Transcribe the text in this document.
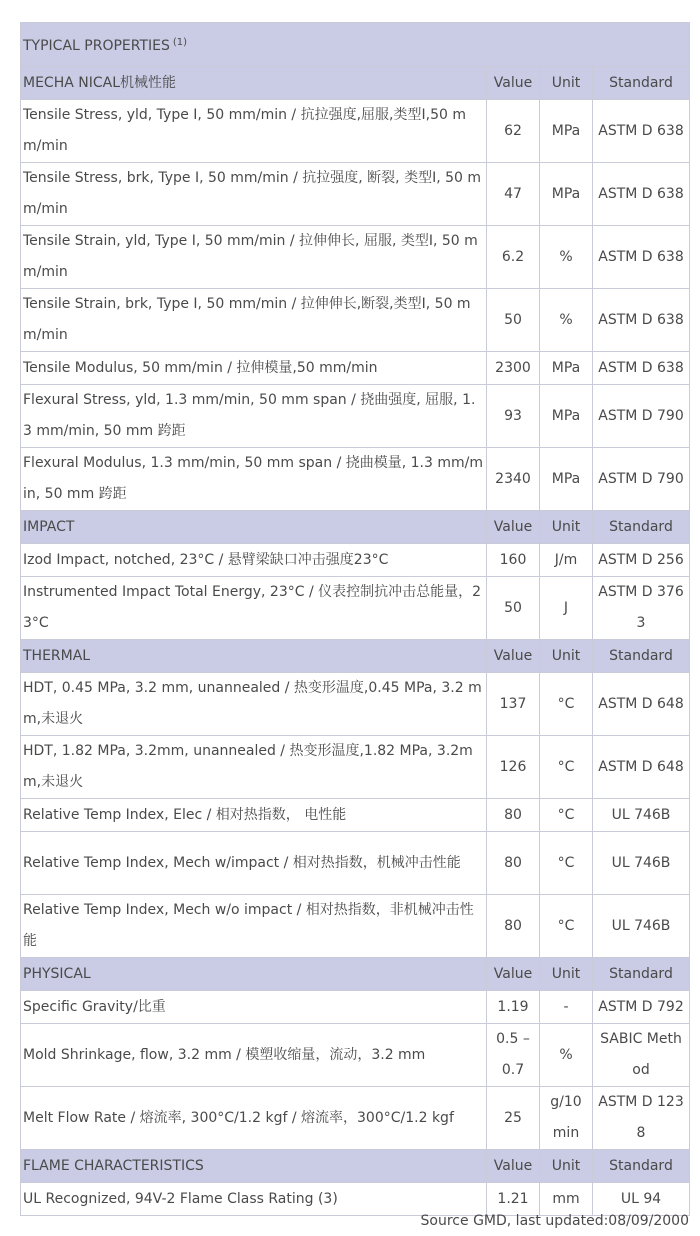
TYPICAL PROPERTIES $^{(1)}$
MECHA NICAL机械性能	Value	Unit	Standard
Tensile Stress, yld, Type I, 50 mm/min / 抗拉强度,屈服,类型I,50 mm/min	62	MPa	ASTM D 638
Tensile Stress, brk, Type I, 50 mm/min / 抗拉强度, 断裂, 类型I, 50 mm/min	47	MPa	ASTM D 638
Tensile Strain, yld, Type I, 50 mm/min / 拉伸伸长, 屈服, 类型I, 50 mm/min	6.2	%	ASTM D 638
Tensile Strain, brk, Type I, 50 mm/min / 拉伸伸长,断裂,类型I, 50 mm/min	50	%	ASTM D 638
Tensile Modulus, 50 mm/min / 拉伸模量,50 mm/min	2300	MPa	ASTM D 638
Flexural Stress, yld, 1.3 mm/min, 50 mm span / 挠曲强度, 屈服, 1.3 mm/min, 50 mm 跨距	93	MPa	ASTM D 790
Flexural Modulus, 1.3 mm/min, 50 mm span / 挠曲模量, 1.3 mm/min, 50 mm 跨距	2340	MPa	ASTM D 790
IMPACT	Value	Unit	Standard
Izod Impact, notched, 23°C / 悬臂梁缺口冲击强度23°C	160	J/m	ASTM D 256
Instrumented Impact Total Energy, 23°C / 仪表控制抗冲击总能量，23°C	50	J	ASTM D 3763
THERMAL	Value	Unit	Standard
HDT, 0.45 MPa, 3.2 mm, unannealed / 热变形温度,0.45 MPa, 3.2 mm,未退火	137	°C	ASTM D 648
HDT, 1.82 MPa, 3.2mm, unannealed / 热变形温度,1.82 MPa, 3.2mm,未退火	126	°C	ASTM D 648
Relative Temp Index, Elec / 相对热指数， 电性能	80	°C	UL 746B
Relative Temp Index, Mech w/impact / 相对热指数，机械冲击性能	80	°C	UL 746B
Relative Temp Index, Mech w/o impact / 相对热指数，非机械冲击性能	80	°C	UL 746B
PHYSICAL	Value	Unit	Standard
Specific Gravity/比重	1.19	-	ASTM D 792
Mold Shrinkage, flow, 3.2 mm / 模塑收缩量，流动，3.2 mm	0.5 – 0.7	%	SABIC Method
Melt Flow Rate / 熔流率, 300°C/1.2 kgf / 熔流率，300°C/1.2 kgf	25	g/10 min	ASTM D 1238
FLAME CHARACTERISTICS	Value	Unit	Standard
UL Recognized, 94V-2 Flame Class Rating (3)	1.21	mm	UL 94
Source GMD, last updated:08/09/2000
